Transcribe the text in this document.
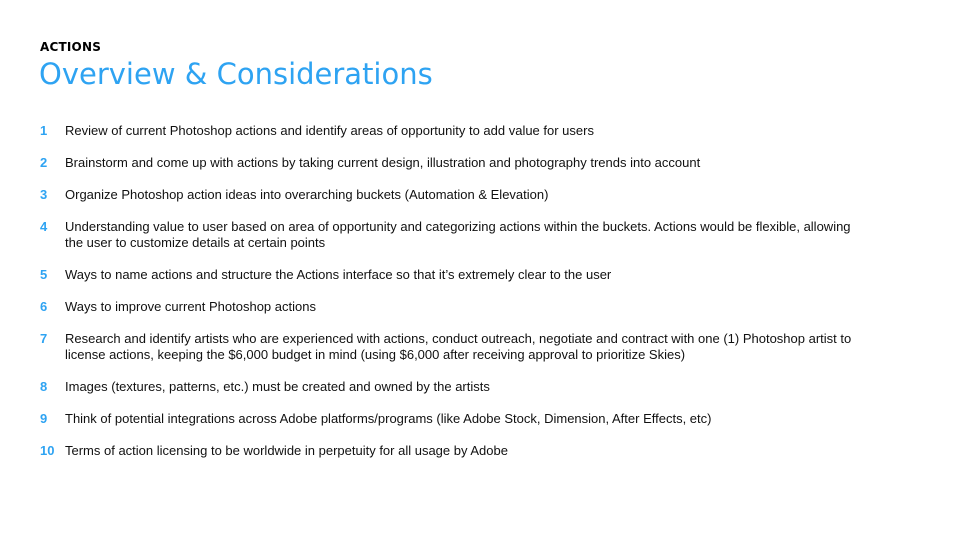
ACTIONS
Overview & Considerations
1	Review of current Photoshop actions and identify areas of opportunity to add value for users
2	Brainstorm and come up with actions by taking current design, illustration and photography trends into account
3	Organize Photoshop action ideas into overarching buckets (Automation & Elevation)
4	Understanding value to user based on area of opportunity and categorizing actions within the buckets. Actions would be flexible, allowing the user to customize details at certain points
5	Ways to name actions and structure the Actions interface so that it’s extremely clear to the user
6	Ways to improve current Photoshop actions
7	Research and identify artists who are experienced with actions, conduct outreach, negotiate and contract with one (1) Photoshop artist to license actions, keeping the $6,000 budget in mind (using $6,000 after receiving approval to prioritize Skies)
8	Images (textures, patterns, etc.) must be created and owned by the artists
9	Think of potential integrations across Adobe platforms/programs (like Adobe Stock, Dimension, After Effects, etc)
10 Terms of action licensing to be worldwide in perpetuity for all usage by Adobe
